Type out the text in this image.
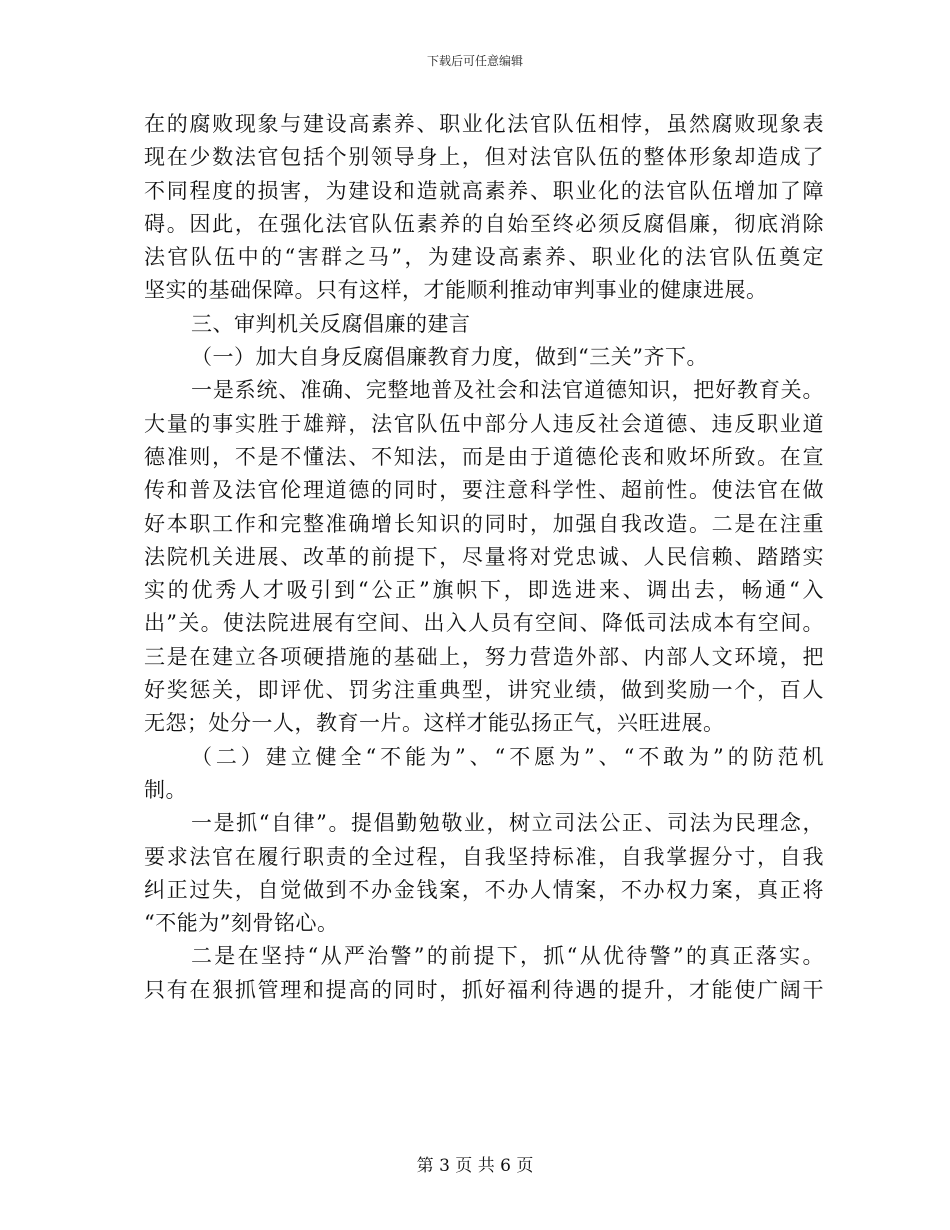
下载后可任意编辑
在的腐败现象与建设高素养、职业化法官队伍相悖，虽然腐败现象表
现在少数法官包括个别领导身上，但对法官队伍的整体形象却造成了
不同程度的损害，为建设和造就高素养、职业化的法官队伍增加了障
碍。因此，在强化法官队伍素养的自始至终必须反腐倡廉，彻底消除
法官队伍中的“害群之马”，为建设高素养、职业化的法官队伍奠定
坚实的基础保障。只有这样，才能顺利推动审判事业的健康进展。
三、审判机关反腐倡廉的建言
（一）加大自身反腐倡廉教育力度，做到“三关”齐下。
一是系统、准确、完整地普及社会和法官道德知识，把好教育关。
大量的事实胜于雄辩，法官队伍中部分人违反社会道德、违反职业道
德准则，不是不懂法、不知法，而是由于道德伦丧和败坏所致。在宣
传和普及法官伦理道德的同时，要注意科学性、超前性。使法官在做
好本职工作和完整准确增长知识的同时，加强自我改造。二是在注重
法院机关进展、改革的前提下，尽量将对党忠诚、人民信赖、踏踏实
实的优秀人才吸引到“公正”旗帜下，即选进来、调出去，畅通“入
出”关。使法院进展有空间、出入人员有空间、降低司法成本有空间。
三是在建立各项硬措施的基础上，努力营造外部、内部人文环境，把
好奖惩关，即评优、罚劣注重典型，讲究业绩，做到奖励一个，百人
无怨；处分一人，教育一片。这样才能弘扬正气，兴旺进展。
（二）建立健全“不能为”、“不愿为”、“不敢为”的防范机
制。
一是抓“自律”。提倡勤勉敬业，树立司法公正、司法为民理念，
要求法官在履行职责的全过程，自我坚持标准，自我掌握分寸，自我
纠正过失，自觉做到不办金钱案，不办人情案，不办权力案，真正将
“不能为”刻骨铭心。
二是在坚持“从严治警”的前提下，抓“从优待警”的真正落实。
只有在狠抓管理和提高的同时，抓好福利待遇的提升，才能使广阔干
第 3 页 共 6 页
